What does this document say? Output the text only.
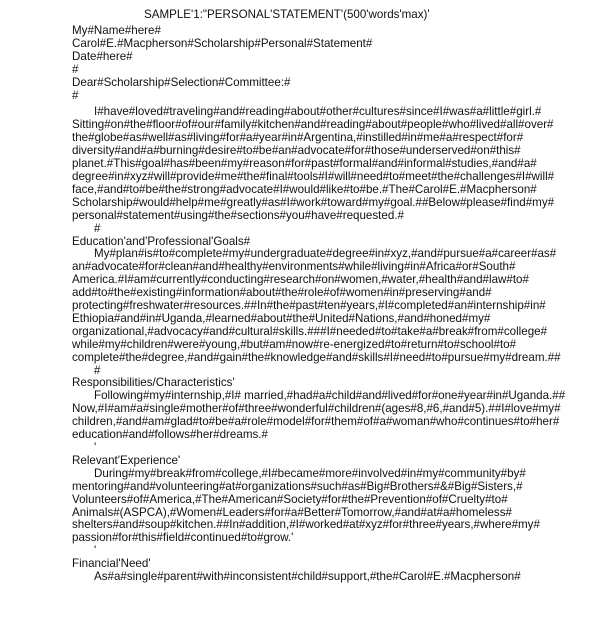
SAMPLE'1:"PERSONAL'STATEMENT'(500'words'max)'
My#Name#here#
Carol#E.#Macpherson#Scholarship#Personal#Statement#
Date#here#
#
Dear#Scholarship#Selection#Committee:#
#
I#have#loved#traveling#and#reading#about#other#cultures#since#I#was#a#little#girl.#
Sitting#on#the#floor#of#our#family#kitchen#and#reading#about#people#who#lived#all#over#
the#globe#as#well#as#living#for#a#year#in#Argentina,#instilled#in#me#a#respect#for#
diversity#and#a#burning#desire#to#be#an#advocate#for#those#underserved#on#this#
planet.#This#goal#has#been#my#reason#for#past#formal#and#informal#studies,#and#a#
degree#in#xyz#will#provide#me#the#final#tools#I#will#need#to#meet#the#challenges#I#will#
face,#and#to#be#the#strong#advocate#I#would#like#to#be.#The#Carol#E.#Macpherson#
Scholarship#would#help#me#greatly#as#I#work#toward#my#goal.##Below#please#find#my#
personal#statement#using#the#sections#you#have#requested.#
#
Education'and'Professional'Goals#
My#plan#is#to#complete#my#undergraduate#degree#in#xyz,#and#pursue#a#career#as#
an#advocate#for#clean#and#healthy#environments#while#living#in#Africa#or#South#
America.#I#am#currently#conducting#research#on#women,#water,#health#and#law#to#
add#to#the#existing#information#about#the#role#of#women#in#preserving#and#
protecting#freshwater#resources.##In#the#past#ten#years,#I#completed#an#internship#in#
Ethiopia#and#in#Uganda,#learned#about#the#United#Nations,#and#honed#my#
organizational,#advocacy#and#cultural#skills.###I#needed#to#take#a#break#from#college#
while#my#children#were#young,#but#am#now#re-energized#to#return#to#school#to#
complete#the#degree,#and#gain#the#knowledge#and#skills#I#need#to#pursue#my#dream.##
#
Responsibilities/Characteristics'
Following#my#internship,#I# married,#had#a#child#and#lived#for#one#year#in#Uganda.##
Now,#I#am#a#single#mother#of#three#wonderful#children#(ages#8,#6,#and#5).##I#love#my#
children,#and#am#glad#to#be#a#role#model#for#them#of#a#woman#who#continues#to#her#
education#and#follows#her#dreams.#
'
Relevant'Experience'
During#my#break#from#college,#I#became#more#involved#in#my#community#by#
mentoring#and#volunteering#at#organizations#such#as#Big#Brothers#&#Big#Sisters,#
Volunteers#of#America,#The#American#Society#for#the#Prevention#of#Cruelty#to#
Animals#(ASPCA),#Women#Leaders#for#a#Better#Tomorrow,#and#at#a#homeless#
shelters#and#soup#kitchen.##In#addition,#I#worked#at#xyz#for#three#years,#where#my#
passion#for#this#field#continued#to#grow.'
'
Financial'Need'
As#a#single#parent#with#inconsistent#child#support,#the#Carol#E.#Macpherson#
